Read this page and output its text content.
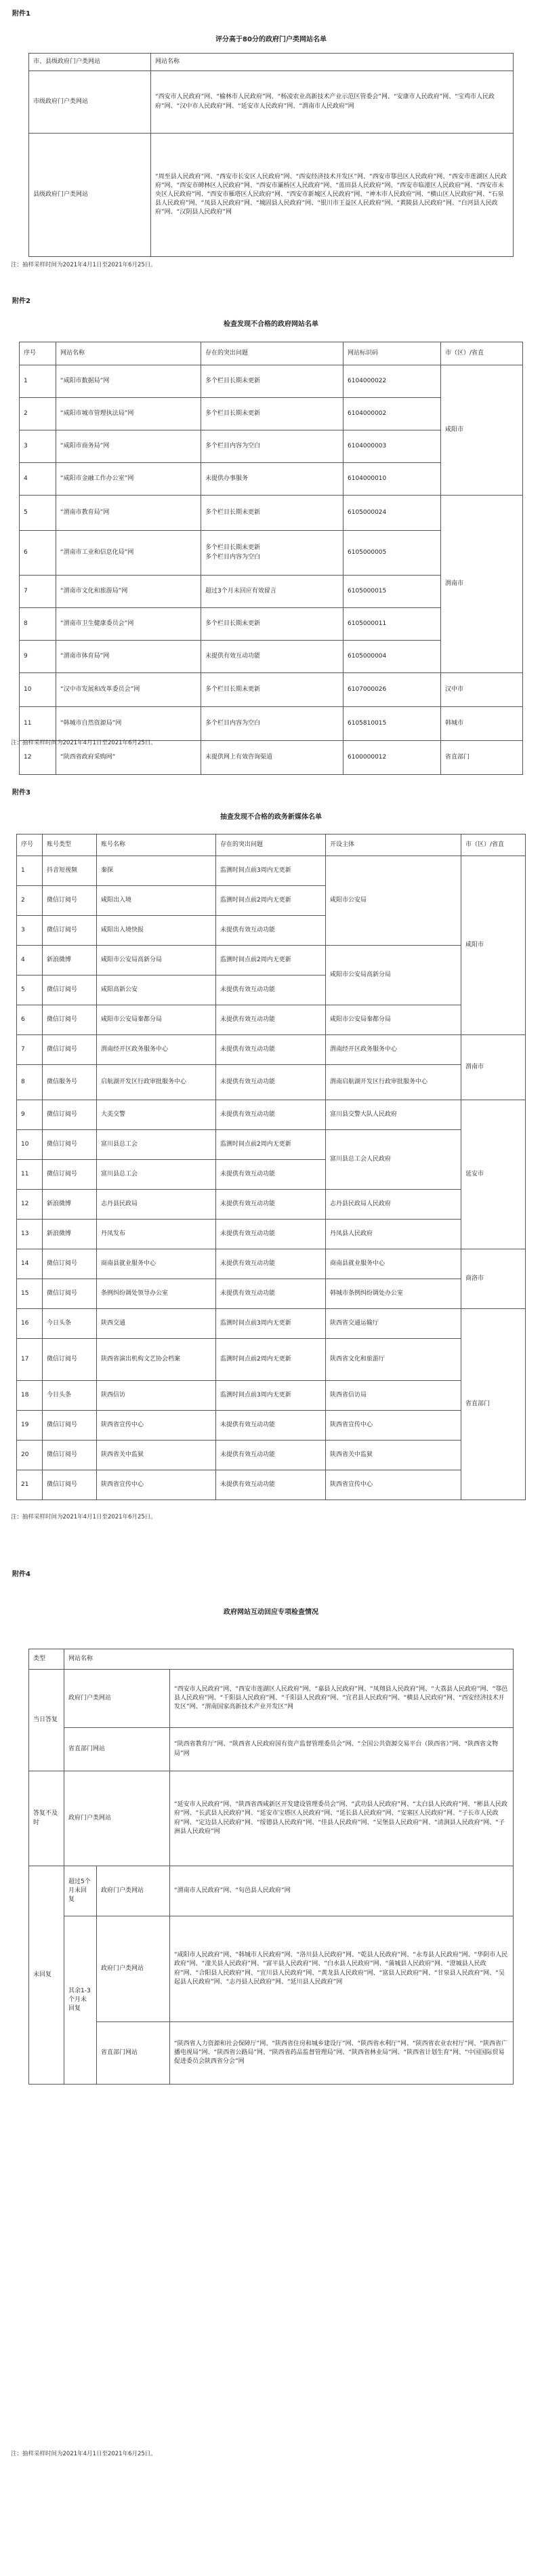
附件1
评分高于80分的政府门户类网站名单
市、县级政府门户类网站	网站名称
市级政府门户类网站	“西安市人民政府”网、“榆林市人民政府”网、“杨凌农业高新技术产业示范区管委会”网、“安康市人民政府”网、“宝鸡市人民政府”网、“汉中市人民政府”网、“延安市人民政府”网、“渭南市人民政府”网
县级政府门户类网站	“周至县人民政府”网、“西安市长安区人民政府”网、“西安经济技术开发区”网、“西安市鄠邑区人民政府”网、“西安市莲湖区人民政府”网、“西安市碑林区人民政府”网、“西安市灞桥区人民政府”网、“蓝田县人民政府”网、“西安市临潼区人民政府”网、“西安市未央区人民政府”网、“西安市雁塔区人民政府”网、“西安市新城区人民政府”网、“神木市人民政府”网、“横山区人民政府”网、“石泉县人民政府”网、“凤县人民政府”网、“城固县人民政府”网、“银川市王益区人民政府”网、“黄陵县人民政府”网、“白河县人民政府”网、“汉阴县人民政府”网
注：抽样采样时间为2021年4月1日至2021年6月25日。
附件2
检查发现不合格的政府网站名单
序号	网站名称	存在的突出问题	网站标识码	市（区）/省直
1	“咸阳市数据局”网	多个栏目长期未更新	6104000022	咸阳市
2	“咸阳市城市管理执法局”网	多个栏目长期未更新	6104000002	
3	“咸阳市商务局”网	多个栏目内容为空白	6104000003	
4	“咸阳市金融工作办公室”网	未提供办事服务	6104000010	
5	“渭南市教育局”网	多个栏目长期未更新	6105000024	渭南市
6	“渭南市工业和信息化局”网	多个栏目长期未更新
多个栏目内容为空白	6105000005	
7	“渭南市文化和旅游局”网	超过3个月未回应有效留言	6105000015	
8	“渭南市卫生健康委员会”网	多个栏目长期未更新	6105000011	
9	“渭南市体育局”网	未提供有效互动功能	6105000004	
10	“汉中市发展和改革委员会”网	多个栏目长期未更新	6107000026	汉中市
11	“韩城市自然资源局”网	多个栏目内容为空白	6105810015	韩城市
12	“陕西省政府采购网”	未提供网上有效咨询渠道	6100000012	省直部门
注：抽样采样时间为2021年4月1日至2021年6月25日。
附件3
抽查发现不合格的政务新媒体名单
序号	账号类型	账号名称	存在的突出问题	开设主体	市（区）/省直
1	抖音短视频	秦探	监测时间点前3周内无更新	咸阳市公安局	咸阳市
2	微信订阅号	咸阳出入境	监测时间点前2周内无更新		
3	微信订阅号	咸阳出入境快报	未提供有效互动功能		
4	新浪微博	咸阳市公安局高新分局	监测时间点前2周内无更新	咸阳市公安局高新分局	
5	微信订阅号	咸阳高新公安	未提供有效互动功能		
6	微信订阅号	咸阳市公安局秦都分局	未提供有效互动功能	咸阳市公安局秦都分局	
7	微信订阅号	渭南经开区政务服务中心	未提供有效互动功能	渭南经开区政务服务中心	渭南市
8	微信服务号	启航湖开发区行政审批服务中心	未提供有效互动功能	渭南启航湖开发区行政审批服务中心	
9	微信订阅号	大美交警	未提供有效互动功能	富川县交警大队人民政府	延安市
10	微信订阅号	富川县总工会	监测时间点前2周内无更新	富川县总工会人民政府	
11	微信订阅号	富川县总工会	未提供有效互动功能		
12	新浪微博	志丹县民政局	未提供有效互动功能	志丹县民政局人民政府	
13	新浪微博	丹凤发布	未提供有效互动功能	丹凤县人民政府	
14	微信订阅号	商南县就业服务中心	未提供有效互动功能	商南县就业服务中心	商洛市
15	微信订阅号	条例纠纷调处领导办公室	未提供有效互动功能	韩城市条例纠纷调处办公室	
16	今日头条	陕西交通	监测时间点前3周内无更新	陕西省交通运输厅	省直部门
17	微信订阅号	陕西省演出机构文艺协会档案	监测时间点前2周内无更新	陕西省文化和旅游厅	
18	今日头条	陕西信访	监测时间点前3周内无更新	陕西省信访局	
19	微信订阅号	陕西省宣传中心	未提供有效互动功能	陕西省宣传中心	
20	微信订阅号	陕西省关中监狱	未提供有效互动功能	陕西省关中监狱	
21	微信订阅号	陕西省宣传中心	未提供有效互动功能	陕西省宣传中心	
注：抽样采样时间为2021年4月1日至2021年6月25日。
附件4
政府网站互动回应专项检查情况
类型	网站名称		
当日答复	政府门户类网站		“西安市人民政府”网、“西安市莲湖区人民政府”网、“嘉县人民政府”网、“凤翔县人民政府”网、“大荔县人民政府”网、“鄠邑县人民政府”网、“千阳县人民政府”网、“千阳县人民政府”网、“宜君县人民政府”网、“横县人民政府”网、“西安经济技术开发区”网、“渭南国家高新技术产业开发区”网
	省直部门网站		“陕西省教育厅”网、“陕西省人民政府国有资产监督管理委员会”网、“全国公共资源交易平台（陕西省）”网、“陕西省文物局”网
答复不及时	政府门户类网站		“延安市人民政府”网、“陕西省西咸新区开发建设管理委员会”网、“武功县人民政府”网、“太白县人民政府”网、“彬县人民政府”网、“长武县人民政府”网、“延安市宝塔区人民政府”网、“延长县人民政府”网、“安塞区人民政府”网、“子长市人民政府”网、“定边县人民政府”网、“绥德县人民政府”网、“佳县人民政府”网、“吴堡县人民政府”网、“清涧县人民政府”网、“子洲县人民政府”网
未回复	超过5个月未回复	政府门户类网站	“渭南市人民政府”网、“旬邑县人民政府”网
	其余1-3个月未回复	政府门户类网站	“咸阳市人民政府”网、“韩城市人民政府”网、“洛川县人民政府”网、“乾县人民政府”网、“永寿县人民政府”网、“华阴市人民政府”网、“潼关县人民政府”网、“富平县人民政府”网、“白水县人民政府”网、“蒲城县人民政府”网、“澄城县人民政府”网、“合阳县人民政府”网、“宜川县人民政府”网、“黄龙县人民政府”网、“富县人民政府”网、“甘泉县人民政府”网、“吴起县人民政府”网、“志丹县人民政府”网、“延川县人民政府”网
		省直部门网站	“陕西省人力资源和社会保障厅”网、“陕西省住房和城乡建设厅”网、“陕西省水利厅”网、“陕西省农业农村厅”网、“陕西省广播电视局”网、“陕西省公路局”网、“陕西省药品监督管理局”网、“陕西省林业局”网、“陕西省计划生育”网、“中国国际贸易促进委员会陕西省分会”网
注：抽样采样时间为2021年4月1日至2021年6月25日。
